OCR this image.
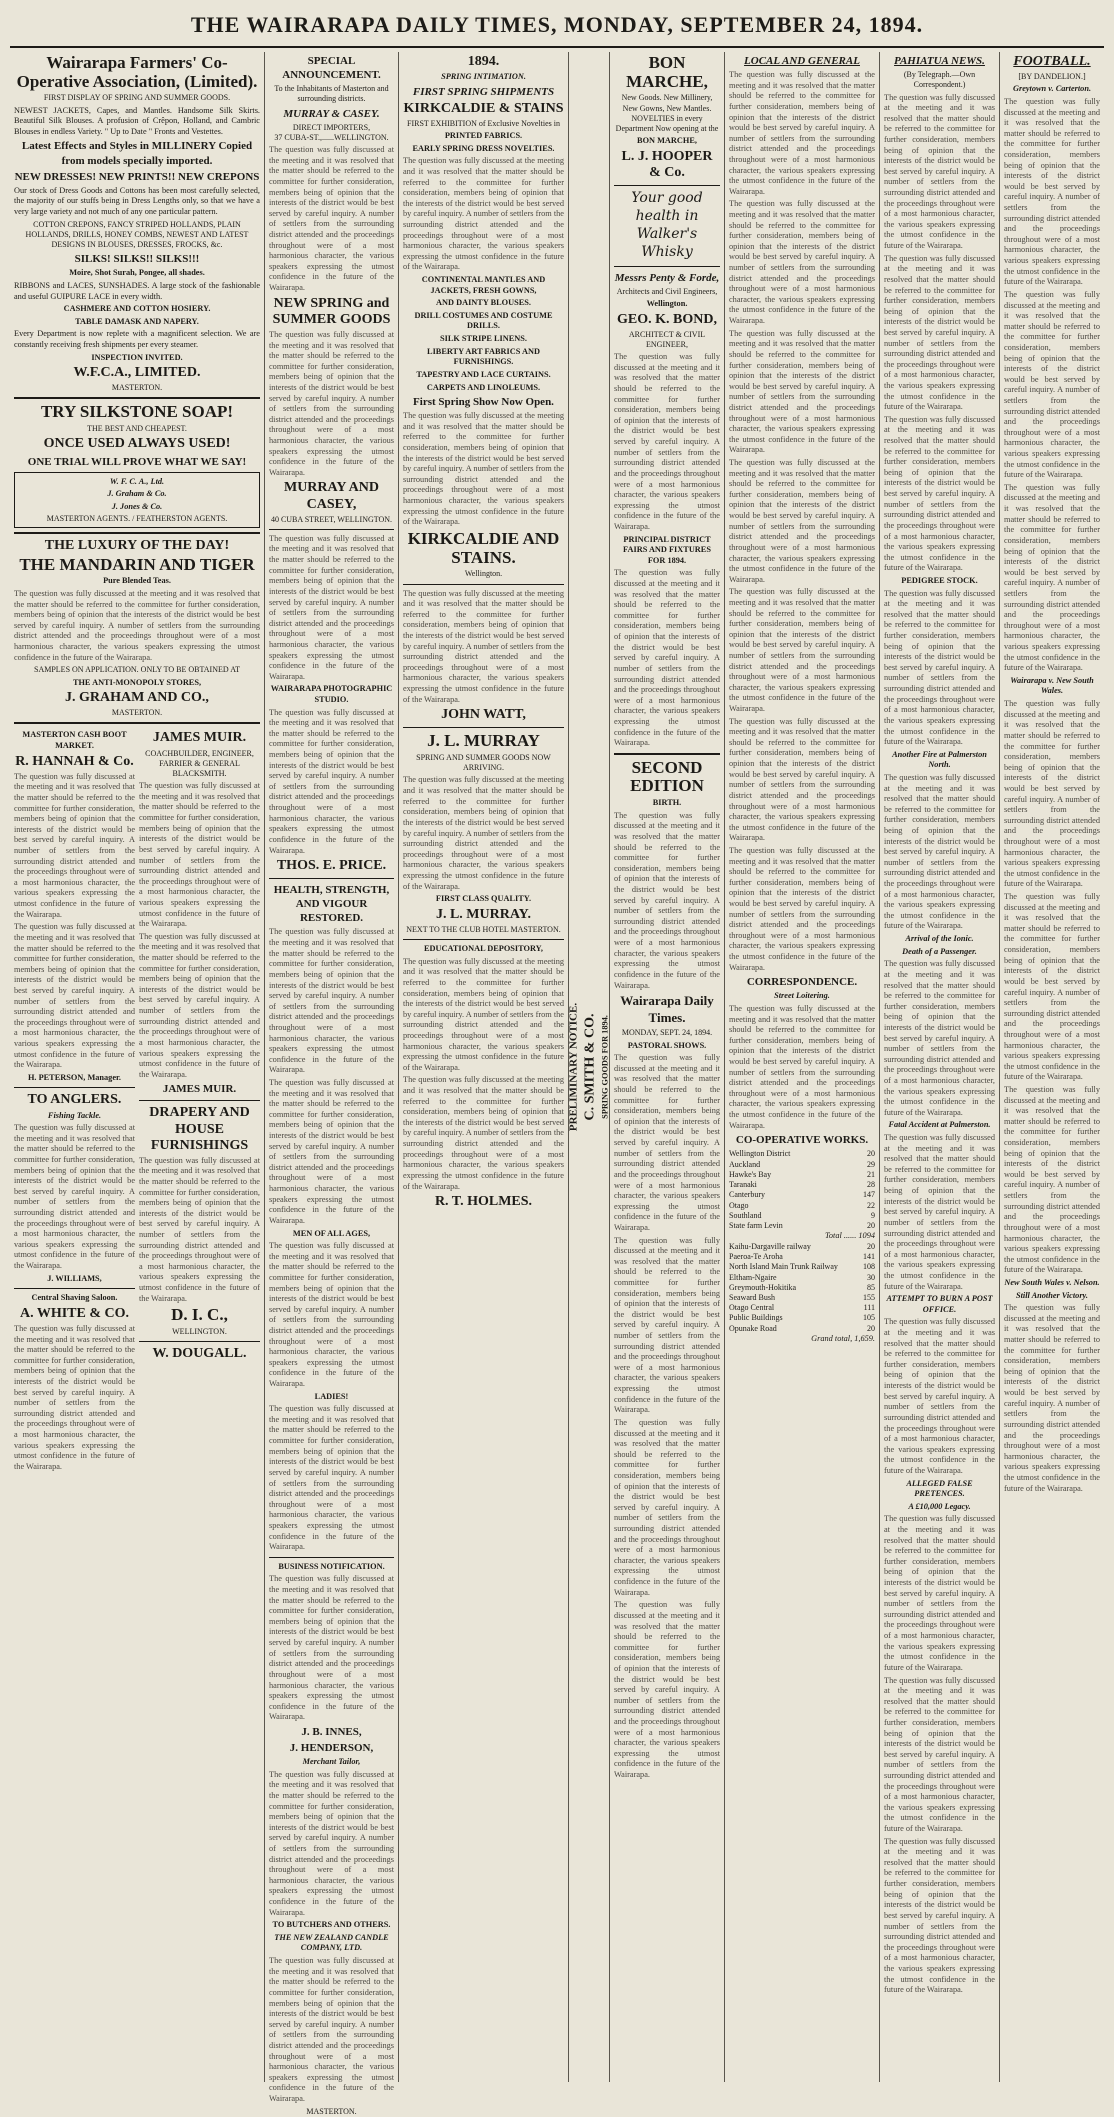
THE WAIRARAPA DAILY TIMES, MONDAY, SEPTEMBER 24, 1894.
Wairarapa Farmers' Co-Operative Association, (Limited).
FIRST DISPLAY OF SPRING AND SUMMER GOODS.
NEWEST JACKETS, Capes, and Mantles. Handsome Silk Skirts. Beautiful Silk Blouses. A profusion of Crêpon, Holland, and Cambric Blouses in endless Variety. " Up to Date " Fronts and Vestettes.
Latest Effects and Styles in MILLINERY Copied from models specially imported.
NEW DRESSES! NEW PRINTS!! NEW CREPONS
Our stock of Dress Goods and Cottons has been most carefully selected, the majority of our stuffs being in Dress Lengths only, so that we have a very large variety and not much of any one particular pattern.
COTTON CREPONS, FANCY STRIPED HOLLANDS, PLAIN HOLLANDS, DRILLS, HONEY COMBS, NEWEST AND LATEST DESIGNS IN BLOUSES, DRESSES, FROCKS, &c.
SILKS! SILKS!! SILKS!!!
Moire, Shot Surah, Pongee, all shades.
RIBBONS and LACES, SUNSHADES. A large stock of the fashionable and useful GUIPURE LACE in every width.
CASHMERE AND COTTON HOSIERY.
TABLE DAMASK AND NAPERY.
Every Department is now replete with a magnificent selection. We are constantly receiving fresh shipments per every steamer.
INSPECTION INVITED.
W.F.C.A., LIMITED.
MASTERTON.
TRY SILKSTONE SOAP!
THE BEST AND CHEAPEST.
ONCE USED ALWAYS USED!
ONE TRIAL WILL PROVE WHAT WE SAY!
W. F. C. A., Ltd.
J. Graham & Co.
J. Jones & Co.
MASTERTON AGENTS. / FEATHERSTON AGENTS.
THE LUXURY OF THE DAY!
THE MANDARIN AND TIGER
Pure Blended Teas.
The question was fully discussed at the meeting and it was resolved that the matter should be referred to the committee for further consideration, members being of opinion that the interests of the district would be best served by careful inquiry. A number of settlers from the surrounding district attended and the proceedings throughout were of a most harmonious character, the various speakers expressing the utmost confidence in the future of the Wairarapa.
SAMPLES ON APPLICATION. ONLY TO BE OBTAINED AT
THE ANTI-MONOPOLY STORES,
J. GRAHAM AND CO.,
MASTERTON.
MASTERTON CASH BOOT MARKET.
R. HANNAH & Co.
The question was fully discussed at the meeting and it was resolved that the matter should be referred to the committee for further consideration, members being of opinion that the interests of the district would be best served by careful inquiry. A number of settlers from the surrounding district attended and the proceedings throughout were of a most harmonious character, the various speakers expressing the utmost confidence in the future of the Wairarapa.
The question was fully discussed at the meeting and it was resolved that the matter should be referred to the committee for further consideration, members being of opinion that the interests of the district would be best served by careful inquiry. A number of settlers from the surrounding district attended and the proceedings throughout were of a most harmonious character, the various speakers expressing the utmost confidence in the future of the Wairarapa.
H. PETERSON, Manager.
TO ANGLERS.
Fishing Tackle.
The question was fully discussed at the meeting and it was resolved that the matter should be referred to the committee for further consideration, members being of opinion that the interests of the district would be best served by careful inquiry. A number of settlers from the surrounding district attended and the proceedings throughout were of a most harmonious character, the various speakers expressing the utmost confidence in the future of the Wairarapa.
J. WILLIAMS,
Central Shaving Saloon.
A. WHITE & CO.
The question was fully discussed at the meeting and it was resolved that the matter should be referred to the committee for further consideration, members being of opinion that the interests of the district would be best served by careful inquiry. A number of settlers from the surrounding district attended and the proceedings throughout were of a most harmonious character, the various speakers expressing the utmost confidence in the future of the Wairarapa.
JAMES MUIR.
COACHBUILDER, ENGINEER, FARRIER & GENERAL BLACKSMITH.
The question was fully discussed at the meeting and it was resolved that the matter should be referred to the committee for further consideration, members being of opinion that the interests of the district would be best served by careful inquiry. A number of settlers from the surrounding district attended and the proceedings throughout were of a most harmonious character, the various speakers expressing the utmost confidence in the future of the Wairarapa.
The question was fully discussed at the meeting and it was resolved that the matter should be referred to the committee for further consideration, members being of opinion that the interests of the district would be best served by careful inquiry. A number of settlers from the surrounding district attended and the proceedings throughout were of a most harmonious character, the various speakers expressing the utmost confidence in the future of the Wairarapa.
JAMES MUIR.
DRAPERY AND HOUSE FURNISHINGS
The question was fully discussed at the meeting and it was resolved that the matter should be referred to the committee for further consideration, members being of opinion that the interests of the district would be best served by careful inquiry. A number of settlers from the surrounding district attended and the proceedings throughout were of a most harmonious character, the various speakers expressing the utmost confidence in the future of the Wairarapa.
D. I. C.,
WELLINGTON.
W. DOUGALL.
SPECIAL ANNOUNCEMENT.
To the Inhabitants of Masterton and surrounding districts.
MURRAY & CASEY.
DIRECT IMPORTERS,
37 CUBA-ST.,......WELLINGTON.
The question was fully discussed at the meeting and it was resolved that the matter should be referred to the committee for further consideration, members being of opinion that the interests of the district would be best served by careful inquiry. A number of settlers from the surrounding district attended and the proceedings throughout were of a most harmonious character, the various speakers expressing the utmost confidence in the future of the Wairarapa.
NEW SPRING and SUMMER GOODS
The question was fully discussed at the meeting and it was resolved that the matter should be referred to the committee for further consideration, members being of opinion that the interests of the district would be best served by careful inquiry. A number of settlers from the surrounding district attended and the proceedings throughout were of a most harmonious character, the various speakers expressing the utmost confidence in the future of the Wairarapa.
MURRAY AND CASEY,
40 CUBA STREET, WELLINGTON.
The question was fully discussed at the meeting and it was resolved that the matter should be referred to the committee for further consideration, members being of opinion that the interests of the district would be best served by careful inquiry. A number of settlers from the surrounding district attended and the proceedings throughout were of a most harmonious character, the various speakers expressing the utmost confidence in the future of the Wairarapa.
WAIRARAPA PHOTOGRAPHIC STUDIO.
The question was fully discussed at the meeting and it was resolved that the matter should be referred to the committee for further consideration, members being of opinion that the interests of the district would be best served by careful inquiry. A number of settlers from the surrounding district attended and the proceedings throughout were of a most harmonious character, the various speakers expressing the utmost confidence in the future of the Wairarapa.
THOS. E. PRICE.
HEALTH, STRENGTH, AND VIGOUR RESTORED.
The question was fully discussed at the meeting and it was resolved that the matter should be referred to the committee for further consideration, members being of opinion that the interests of the district would be best served by careful inquiry. A number of settlers from the surrounding district attended and the proceedings throughout were of a most harmonious character, the various speakers expressing the utmost confidence in the future of the Wairarapa.
The question was fully discussed at the meeting and it was resolved that the matter should be referred to the committee for further consideration, members being of opinion that the interests of the district would be best served by careful inquiry. A number of settlers from the surrounding district attended and the proceedings throughout were of a most harmonious character, the various speakers expressing the utmost confidence in the future of the Wairarapa.
MEN OF ALL AGES,
The question was fully discussed at the meeting and it was resolved that the matter should be referred to the committee for further consideration, members being of opinion that the interests of the district would be best served by careful inquiry. A number of settlers from the surrounding district attended and the proceedings throughout were of a most harmonious character, the various speakers expressing the utmost confidence in the future of the Wairarapa.
LADIES!
The question was fully discussed at the meeting and it was resolved that the matter should be referred to the committee for further consideration, members being of opinion that the interests of the district would be best served by careful inquiry. A number of settlers from the surrounding district attended and the proceedings throughout were of a most harmonious character, the various speakers expressing the utmost confidence in the future of the Wairarapa.
BUSINESS NOTIFICATION.
The question was fully discussed at the meeting and it was resolved that the matter should be referred to the committee for further consideration, members being of opinion that the interests of the district would be best served by careful inquiry. A number of settlers from the surrounding district attended and the proceedings throughout were of a most harmonious character, the various speakers expressing the utmost confidence in the future of the Wairarapa.
J. B. INNES,
J. HENDERSON,
Merchant Tailor,
The question was fully discussed at the meeting and it was resolved that the matter should be referred to the committee for further consideration, members being of opinion that the interests of the district would be best served by careful inquiry. A number of settlers from the surrounding district attended and the proceedings throughout were of a most harmonious character, the various speakers expressing the utmost confidence in the future of the Wairarapa.
TO BUTCHERS AND OTHERS.
THE NEW ZEALAND CANDLE COMPANY, LTD.
The question was fully discussed at the meeting and it was resolved that the matter should be referred to the committee for further consideration, members being of opinion that the interests of the district would be best served by careful inquiry. A number of settlers from the surrounding district attended and the proceedings throughout were of a most harmonious character, the various speakers expressing the utmost confidence in the future of the Wairarapa.
MASTERTON.
1894.
SPRING INTIMATION.
FIRST SPRING SHIPMENTS
KIRKCALDIE & STAINS
FIRST EXHIBITION of Exclusive Novelties in
PRINTED FABRICS.
EARLY SPRING DRESS NOVELTIES.
The question was fully discussed at the meeting and it was resolved that the matter should be referred to the committee for further consideration, members being of opinion that the interests of the district would be best served by careful inquiry. A number of settlers from the surrounding district attended and the proceedings throughout were of a most harmonious character, the various speakers expressing the utmost confidence in the future of the Wairarapa.
CONTINENTAL MANTLES AND JACKETS, FRESH GOWNS,
AND DAINTY BLOUSES.
DRILL COSTUMES AND COSTUME DRILLS.
SILK STRIPE LINENS.
LIBERTY ART FABRICS AND FURNISHINGS.
TAPESTRY AND LACE CURTAINS.
CARPETS AND LINOLEUMS.
First Spring Show Now Open.
The question was fully discussed at the meeting and it was resolved that the matter should be referred to the committee for further consideration, members being of opinion that the interests of the district would be best served by careful inquiry. A number of settlers from the surrounding district attended and the proceedings throughout were of a most harmonious character, the various speakers expressing the utmost confidence in the future of the Wairarapa.
KIRKCALDIE AND STAINS.
Wellington.
The question was fully discussed at the meeting and it was resolved that the matter should be referred to the committee for further consideration, members being of opinion that the interests of the district would be best served by careful inquiry. A number of settlers from the surrounding district attended and the proceedings throughout were of a most harmonious character, the various speakers expressing the utmost confidence in the future of the Wairarapa.
JOHN WATT,
J. L. MURRAY
SPRING AND SUMMER GOODS NOW ARRIVING.
The question was fully discussed at the meeting and it was resolved that the matter should be referred to the committee for further consideration, members being of opinion that the interests of the district would be best served by careful inquiry. A number of settlers from the surrounding district attended and the proceedings throughout were of a most harmonious character, the various speakers expressing the utmost confidence in the future of the Wairarapa.
FIRST CLASS QUALITY.
J. L. MURRAY.
NEXT TO THE CLUB HOTEL MASTERTON.
EDUCATIONAL DEPOSITORY,
The question was fully discussed at the meeting and it was resolved that the matter should be referred to the committee for further consideration, members being of opinion that the interests of the district would be best served by careful inquiry. A number of settlers from the surrounding district attended and the proceedings throughout were of a most harmonious character, the various speakers expressing the utmost confidence in the future of the Wairarapa.
The question was fully discussed at the meeting and it was resolved that the matter should be referred to the committee for further consideration, members being of opinion that the interests of the district would be best served by careful inquiry. A number of settlers from the surrounding district attended and the proceedings throughout were of a most harmonious character, the various speakers expressing the utmost confidence in the future of the Wairarapa.
R. T. HOLMES.
PRELIMINARY NOTICE. C. SMITH & CO. SPRING GOODS FOR 1894.
BON MARCHE,
New Goods. New Millinery, New Gowns, New Mantles.
NOVELTIES in every Department Now opening at the
BON MARCHE,
L. J. HOOPER & Co.
Your good health in Walker's Whisky
Messrs Penty & Forde,
Architects and Civil Engineers,
Wellington.
GEO. K. BOND,
ARCHITECT & CIVIL ENGINEER,
The question was fully discussed at the meeting and it was resolved that the matter should be referred to the committee for further consideration, members being of opinion that the interests of the district would be best served by careful inquiry. A number of settlers from the surrounding district attended and the proceedings throughout were of a most harmonious character, the various speakers expressing the utmost confidence in the future of the Wairarapa.
PRINCIPAL DISTRICT FAIRS AND FIXTURES FOR 1894.
The question was fully discussed at the meeting and it was resolved that the matter should be referred to the committee for further consideration, members being of opinion that the interests of the district would be best served by careful inquiry. A number of settlers from the surrounding district attended and the proceedings throughout were of a most harmonious character, the various speakers expressing the utmost confidence in the future of the Wairarapa.
SECOND EDITION
BIRTH.
The question was fully discussed at the meeting and it was resolved that the matter should be referred to the committee for further consideration, members being of opinion that the interests of the district would be best served by careful inquiry. A number of settlers from the surrounding district attended and the proceedings throughout were of a most harmonious character, the various speakers expressing the utmost confidence in the future of the Wairarapa.
Wairarapa Daily Times.
MONDAY, SEPT. 24, 1894.
PASTORAL SHOWS.
The question was fully discussed at the meeting and it was resolved that the matter should be referred to the committee for further consideration, members being of opinion that the interests of the district would be best served by careful inquiry. A number of settlers from the surrounding district attended and the proceedings throughout were of a most harmonious character, the various speakers expressing the utmost confidence in the future of the Wairarapa.
The question was fully discussed at the meeting and it was resolved that the matter should be referred to the committee for further consideration, members being of opinion that the interests of the district would be best served by careful inquiry. A number of settlers from the surrounding district attended and the proceedings throughout were of a most harmonious character, the various speakers expressing the utmost confidence in the future of the Wairarapa.
The question was fully discussed at the meeting and it was resolved that the matter should be referred to the committee for further consideration, members being of opinion that the interests of the district would be best served by careful inquiry. A number of settlers from the surrounding district attended and the proceedings throughout were of a most harmonious character, the various speakers expressing the utmost confidence in the future of the Wairarapa.
The question was fully discussed at the meeting and it was resolved that the matter should be referred to the committee for further consideration, members being of opinion that the interests of the district would be best served by careful inquiry. A number of settlers from the surrounding district attended and the proceedings throughout were of a most harmonious character, the various speakers expressing the utmost confidence in the future of the Wairarapa.
LOCAL AND GENERAL
The question was fully discussed at the meeting and it was resolved that the matter should be referred to the committee for further consideration, members being of opinion that the interests of the district would be best served by careful inquiry. A number of settlers from the surrounding district attended and the proceedings throughout were of a most harmonious character, the various speakers expressing the utmost confidence in the future of the Wairarapa.
The question was fully discussed at the meeting and it was resolved that the matter should be referred to the committee for further consideration, members being of opinion that the interests of the district would be best served by careful inquiry. A number of settlers from the surrounding district attended and the proceedings throughout were of a most harmonious character, the various speakers expressing the utmost confidence in the future of the Wairarapa.
The question was fully discussed at the meeting and it was resolved that the matter should be referred to the committee for further consideration, members being of opinion that the interests of the district would be best served by careful inquiry. A number of settlers from the surrounding district attended and the proceedings throughout were of a most harmonious character, the various speakers expressing the utmost confidence in the future of the Wairarapa.
The question was fully discussed at the meeting and it was resolved that the matter should be referred to the committee for further consideration, members being of opinion that the interests of the district would be best served by careful inquiry. A number of settlers from the surrounding district attended and the proceedings throughout were of a most harmonious character, the various speakers expressing the utmost confidence in the future of the Wairarapa.
The question was fully discussed at the meeting and it was resolved that the matter should be referred to the committee for further consideration, members being of opinion that the interests of the district would be best served by careful inquiry. A number of settlers from the surrounding district attended and the proceedings throughout were of a most harmonious character, the various speakers expressing the utmost confidence in the future of the Wairarapa.
The question was fully discussed at the meeting and it was resolved that the matter should be referred to the committee for further consideration, members being of opinion that the interests of the district would be best served by careful inquiry. A number of settlers from the surrounding district attended and the proceedings throughout were of a most harmonious character, the various speakers expressing the utmost confidence in the future of the Wairarapa.
The question was fully discussed at the meeting and it was resolved that the matter should be referred to the committee for further consideration, members being of opinion that the interests of the district would be best served by careful inquiry. A number of settlers from the surrounding district attended and the proceedings throughout were of a most harmonious character, the various speakers expressing the utmost confidence in the future of the Wairarapa.
CORRESPONDENCE.
Street Loitering.
The question was fully discussed at the meeting and it was resolved that the matter should be referred to the committee for further consideration, members being of opinion that the interests of the district would be best served by careful inquiry. A number of settlers from the surrounding district attended and the proceedings throughout were of a most harmonious character, the various speakers expressing the utmost confidence in the future of the Wairarapa.
CO-OPERATIVE WORKS.
Wellington District	20
Auckland	29
Hawke's Bay	21
Taranaki	28
Canterbury	147
Otago	22
Southland	9
State farm Levin	20
Total ...... 1094
Kaihu-Dargaville railway	20
Paeroa-Te Aroha	141
North Island Main Trunk Railway	108
Eltham-Ngaire	30
Greymouth-Hokitika	85
Seaward Bush	155
Otago Central	111
Public Buildings	105
Opunake Road	20
Grand total, 1,659.
PAHIATUA NEWS.
(By Telegraph.—Own Correspondent.)
The question was fully discussed at the meeting and it was resolved that the matter should be referred to the committee for further consideration, members being of opinion that the interests of the district would be best served by careful inquiry. A number of settlers from the surrounding district attended and the proceedings throughout were of a most harmonious character, the various speakers expressing the utmost confidence in the future of the Wairarapa.
The question was fully discussed at the meeting and it was resolved that the matter should be referred to the committee for further consideration, members being of opinion that the interests of the district would be best served by careful inquiry. A number of settlers from the surrounding district attended and the proceedings throughout were of a most harmonious character, the various speakers expressing the utmost confidence in the future of the Wairarapa.
The question was fully discussed at the meeting and it was resolved that the matter should be referred to the committee for further consideration, members being of opinion that the interests of the district would be best served by careful inquiry. A number of settlers from the surrounding district attended and the proceedings throughout were of a most harmonious character, the various speakers expressing the utmost confidence in the future of the Wairarapa.
PEDIGREE STOCK.
The question was fully discussed at the meeting and it was resolved that the matter should be referred to the committee for further consideration, members being of opinion that the interests of the district would be best served by careful inquiry. A number of settlers from the surrounding district attended and the proceedings throughout were of a most harmonious character, the various speakers expressing the utmost confidence in the future of the Wairarapa.
Another Fire at Palmerston North.
The question was fully discussed at the meeting and it was resolved that the matter should be referred to the committee for further consideration, members being of opinion that the interests of the district would be best served by careful inquiry. A number of settlers from the surrounding district attended and the proceedings throughout were of a most harmonious character, the various speakers expressing the utmost confidence in the future of the Wairarapa.
Arrival of the Ionic.
Death of a Passenger.
The question was fully discussed at the meeting and it was resolved that the matter should be referred to the committee for further consideration, members being of opinion that the interests of the district would be best served by careful inquiry. A number of settlers from the surrounding district attended and the proceedings throughout were of a most harmonious character, the various speakers expressing the utmost confidence in the future of the Wairarapa.
Fatal Accident at Palmerston.
The question was fully discussed at the meeting and it was resolved that the matter should be referred to the committee for further consideration, members being of opinion that the interests of the district would be best served by careful inquiry. A number of settlers from the surrounding district attended and the proceedings throughout were of a most harmonious character, the various speakers expressing the utmost confidence in the future of the Wairarapa.
ATTEMPT TO BURN A POST OFFICE.
The question was fully discussed at the meeting and it was resolved that the matter should be referred to the committee for further consideration, members being of opinion that the interests of the district would be best served by careful inquiry. A number of settlers from the surrounding district attended and the proceedings throughout were of a most harmonious character, the various speakers expressing the utmost confidence in the future of the Wairarapa.
ALLEGED FALSE PRETENCES.
A £10,000 Legacy.
The question was fully discussed at the meeting and it was resolved that the matter should be referred to the committee for further consideration, members being of opinion that the interests of the district would be best served by careful inquiry. A number of settlers from the surrounding district attended and the proceedings throughout were of a most harmonious character, the various speakers expressing the utmost confidence in the future of the Wairarapa.
The question was fully discussed at the meeting and it was resolved that the matter should be referred to the committee for further consideration, members being of opinion that the interests of the district would be best served by careful inquiry. A number of settlers from the surrounding district attended and the proceedings throughout were of a most harmonious character, the various speakers expressing the utmost confidence in the future of the Wairarapa.
The question was fully discussed at the meeting and it was resolved that the matter should be referred to the committee for further consideration, members being of opinion that the interests of the district would be best served by careful inquiry. A number of settlers from the surrounding district attended and the proceedings throughout were of a most harmonious character, the various speakers expressing the utmost confidence in the future of the Wairarapa.
FOOTBALL.
[BY DANDELION.]
Greytown v. Carterton.
The question was fully discussed at the meeting and it was resolved that the matter should be referred to the committee for further consideration, members being of opinion that the interests of the district would be best served by careful inquiry. A number of settlers from the surrounding district attended and the proceedings throughout were of a most harmonious character, the various speakers expressing the utmost confidence in the future of the Wairarapa.
The question was fully discussed at the meeting and it was resolved that the matter should be referred to the committee for further consideration, members being of opinion that the interests of the district would be best served by careful inquiry. A number of settlers from the surrounding district attended and the proceedings throughout were of a most harmonious character, the various speakers expressing the utmost confidence in the future of the Wairarapa.
The question was fully discussed at the meeting and it was resolved that the matter should be referred to the committee for further consideration, members being of opinion that the interests of the district would be best served by careful inquiry. A number of settlers from the surrounding district attended and the proceedings throughout were of a most harmonious character, the various speakers expressing the utmost confidence in the future of the Wairarapa.
Wairarapa v. New South Wales.
The question was fully discussed at the meeting and it was resolved that the matter should be referred to the committee for further consideration, members being of opinion that the interests of the district would be best served by careful inquiry. A number of settlers from the surrounding district attended and the proceedings throughout were of a most harmonious character, the various speakers expressing the utmost confidence in the future of the Wairarapa.
The question was fully discussed at the meeting and it was resolved that the matter should be referred to the committee for further consideration, members being of opinion that the interests of the district would be best served by careful inquiry. A number of settlers from the surrounding district attended and the proceedings throughout were of a most harmonious character, the various speakers expressing the utmost confidence in the future of the Wairarapa.
The question was fully discussed at the meeting and it was resolved that the matter should be referred to the committee for further consideration, members being of opinion that the interests of the district would be best served by careful inquiry. A number of settlers from the surrounding district attended and the proceedings throughout were of a most harmonious character, the various speakers expressing the utmost confidence in the future of the Wairarapa.
New South Wales v. Nelson.
Still Another Victory.
The question was fully discussed at the meeting and it was resolved that the matter should be referred to the committee for further consideration, members being of opinion that the interests of the district would be best served by careful inquiry. A number of settlers from the surrounding district attended and the proceedings throughout were of a most harmonious character, the various speakers expressing the utmost confidence in the future of the Wairarapa.
